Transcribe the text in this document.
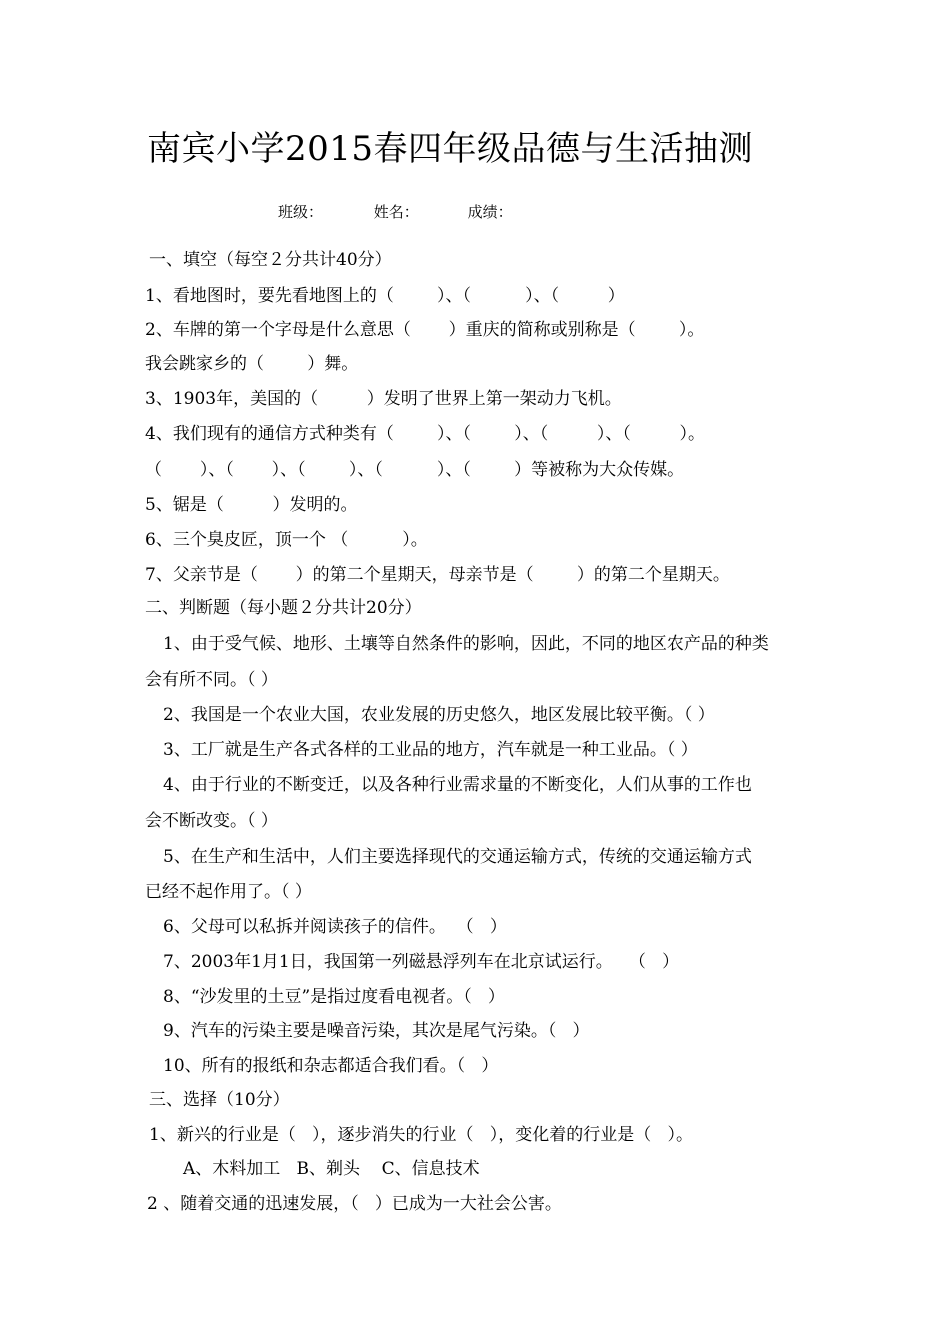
南宾小学2015春四年级品德与生活抽测
班级：	姓名：	成绩：
一、填空（每空２分共计40分）
1、看地图时，要先看地图上的（        ）、（          ）、（         ）
2、车牌的第一个字母是什么意思（       ）重庆的简称或别称是（        ）。
我会跳家乡的（        ）舞。
3、1903年，美国的（         ）发明了世界上第一架动力飞机。
4、我们现有的通信方式种类有（        ）、（        ）、（         ）、（         ）。
（       ）、（       ）、（        ）、（          ）、（        ）等被称为大众传媒。
5、锯是（         ）发明的。
6、三个臭皮匠，顶一个 （          ）。
7、父亲节是（       ）的第二个星期天，母亲节是（        ）的第二个星期天。
二、判断题（每小题２分共计20分）
1、由于受气候、地形、土壤等自然条件的影响，因此，不同的地区农产品的种类
会有所不同。（ ）
2、我国是一个农业大国，农业发展的历史悠久，地区发展比较平衡。（ ）
3、工厂就是生产各式各样的工业品的地方，汽车就是一种工业品。（ ）
4、由于行业的不断变迁，以及各种行业需求量的不断变化，人们从事的工作也
会不断改变。（ ）
5、在生产和生活中，人们主要选择现代的交通运输方式，传统的交通运输方式
已经不起作用了。（ ）
6、父母可以私拆并阅读孩子的信件。  （   ）
7、2003年1月1日，我国第一列磁悬浮列车在北京试运行。   （   ）
8、“沙发里的土豆”是指过度看电视者。（   ）
9、汽车的污染主要是噪音污染，其次是尾气污染。（   ）
10、所有的报纸和杂志都适合我们看。（   ）
三、选择（10分）
1、新兴的行业是（   ），逐步消失的行业（   ），变化着的行业是（   ）。
A、木料加工   B、剃头    C、信息技术
2 、随着交通的迅速发展，（   ）已成为一大社会公害。
